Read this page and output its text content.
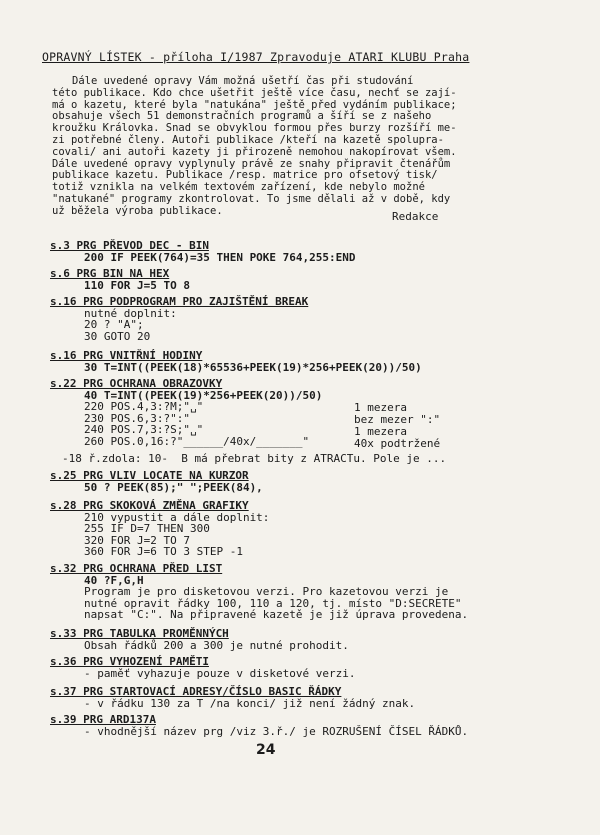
OPRAVNÝ LÍSTEK - příloha I/1987 Zpravoduje ATARI KLUBU Praha

Dále uvedené opravy Vám možná ušetří čas při studování

této publikace. Kdo chce ušetřit ještě více času, nechť se zají-

má o kazetu, které byla "natukána" ještě před vydáním publikace;

obsahuje všech 51 demonstračních programů a šíří se z našeho

kroužku Královka. Snad se obvyklou formou přes burzy rozšíří me-

zi potřebné členy. Autoři publikace /kteří na kazetě spolupra-

covali/ ani autoři kazety ji přirozeně nemohou nakopírovat všem.

Dále uvedené opravy vyplynuly právě ze snahy připravit čtenářům

publikace kazetu. Publikace /resp. matrice pro ofsetový tisk/

totiž vznikla na velkém textovém zařízení, kde nebylo možné

"natukané" programy zkontrolovat. To jsme dělali až v době, kdy

už běžela výroba publikace.	Redakce
s.3 PRG PŘEVOD DEC - BIN
200 IF PEEK(764)=35 THEN POKE 764,255:END
s.6 PRG BIN NA HEX
110 FOR J=5 TO 8
s.16 PRG PODPROGRAM PRO ZAJIŠTĚNÍ BREAK
nutné doplnit:
20 ? "A";
30 GOTO 20
s.16 PRG VNITŘNÍ HODINY
30 T=INT((PEEK(18)*65536+PEEK(19)*256+PEEK(20))/50)
s.22 PRG OCHRANA OBRAZOVKY
40 T=INT((PEEK(19)*256+PEEK(20))/50)
220 POS.4,3:?M;"␣"
230 POS.6,3:?":"
240 POS.7,3:?S;"␣"
260 POS.0,16:?"______/40x/_______"
1 mezera
bez mezer ":"
1 mezera
40x podtržené
-18 ř.zdola: 10-  B má přebrat bity z ATRACTu. Pole je ...
s.25 PRG VLIV LOCATE NA KURZOR
50 ? PEEK(85);" ";PEEK(84),
s.28 PRG SKOKOVÁ ZMĚNA GRAFIKY
210 vypustit a dále doplnit:
255 IF D=7 THEN 300
320 FOR J=2 TO 7
360 FOR J=6 TO 3 STEP -1
s.32 PRG OCHRANA PŘED LIST
40 ?F,G,H
Program je pro disketovou verzi. Pro kazetovou verzi je
nutné opravit řádky 100, 110 a 120, tj. místo "D:SECRETE"
napsat "C:". Na připravené kazetě je již úprava provedena.
s.33 PRG TABULKA PROMĚNNÝCH
Obsah řádků 200 a 300 je nutné prohodit.
s.36 PRG VYHOZENÍ PAMĚTI
- paměť vyhazuje pouze v disketové verzi.
s.37 PRG STARTOVACÍ ADRESY/ČÍSLO BASIC ŘÁDKY
- v řádku 130 za T /na konci/ již není žádný znak.
s.39 PRG ARD137A
- vhodnější název prg /viz 3.ř./ je ROZRUŠENÍ ČÍSEL ŘÁDKŮ.
24
